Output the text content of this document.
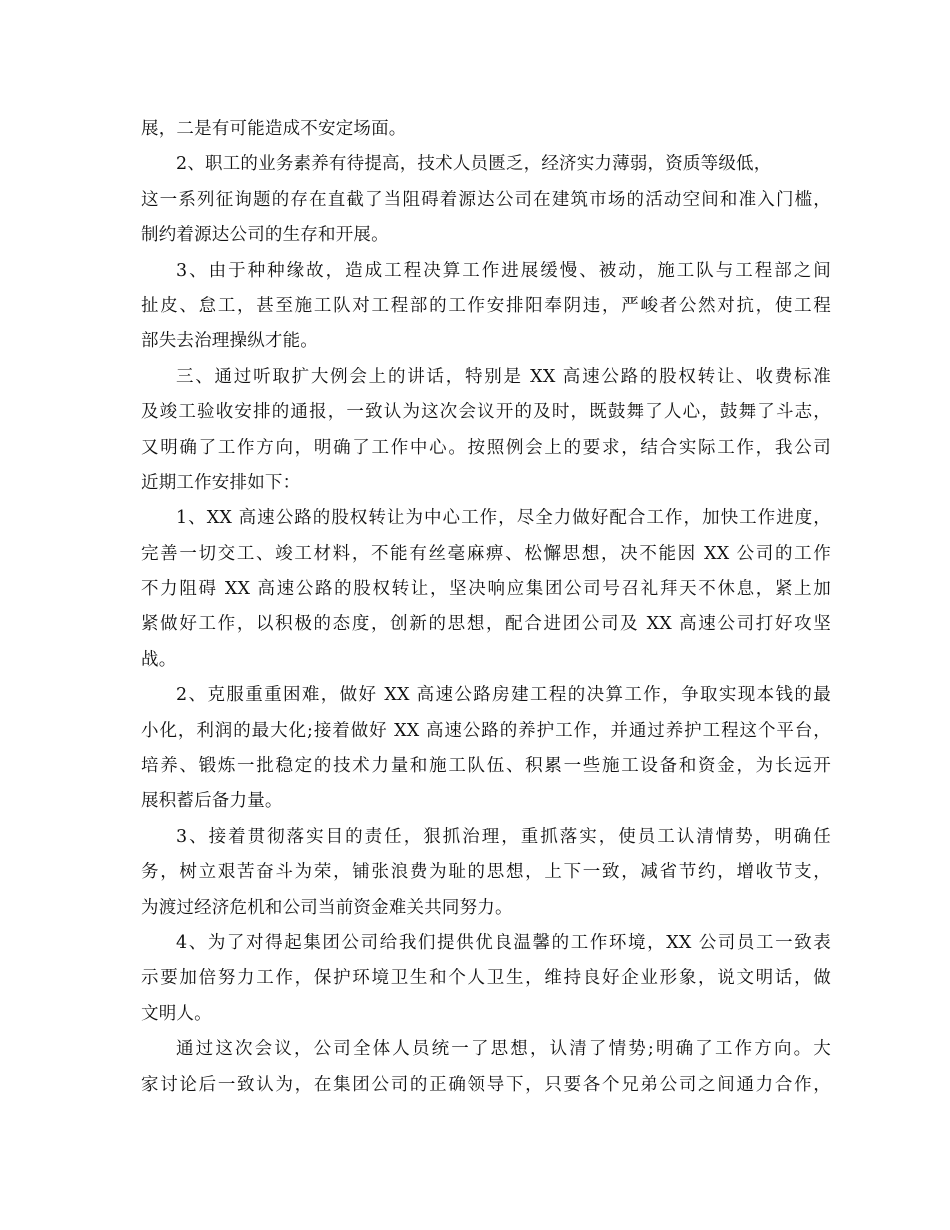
展，二是有可能造成不安定场面。
2、职工的业务素养有待提高，技术人员匮乏，经济实力薄弱，资质等级低，
这一系列征询题的存在直截了当阻碍着源达公司在建筑市场的活动空间和准入门槛，
制约着源达公司的生存和开展。
3、由于种种缘故，造成工程决算工作进展缓慢、被动，施工队与工程部之间
扯皮、怠工，甚至施工队对工程部的工作安排阳奉阴违，严峻者公然对抗，使工程
部失去治理操纵才能。
三、通过听取扩大例会上的讲话，特别是 XX 高速公路的股权转让、收费标准
及竣工验收安排的通报，一致认为这次会议开的及时，既鼓舞了人心，鼓舞了斗志，
又明确了工作方向，明确了工作中心。按照例会上的要求，结合实际工作，我公司
近期工作安排如下：
1、XX 高速公路的股权转让为中心工作，尽全力做好配合工作，加快工作进度，
完善一切交工、竣工材料，不能有丝毫麻痹、松懈思想，决不能因 XX 公司的工作
不力阻碍 XX 高速公路的股权转让，坚决响应集团公司号召礼拜天不休息，紧上加
紧做好工作，以积极的态度，创新的思想，配合进团公司及 XX 高速公司打好攻坚
战。
2、克服重重困难，做好 XX 高速公路房建工程的决算工作，争取实现本钱的最
小化，利润的最大化;接着做好 XX 高速公路的养护工作，并通过养护工程这个平台，
培养、锻炼一批稳定的技术力量和施工队伍、积累一些施工设备和资金，为长远开
展积蓄后备力量。
3、接着贯彻落实目的责任，狠抓治理，重抓落实，使员工认清情势，明确任
务，树立艰苦奋斗为荣，铺张浪费为耻的思想，上下一致，减省节约，增收节支，
为渡过经济危机和公司当前资金难关共同努力。
4、为了对得起集团公司给我们提供优良温馨的工作环境，XX 公司员工一致表
示要加倍努力工作，保护环境卫生和个人卫生，维持良好企业形象，说文明话，做
文明人。
通过这次会议，公司全体人员统一了思想，认清了情势;明确了工作方向。大
家讨论后一致认为，在集团公司的正确领导下，只要各个兄弟公司之间通力合作，
